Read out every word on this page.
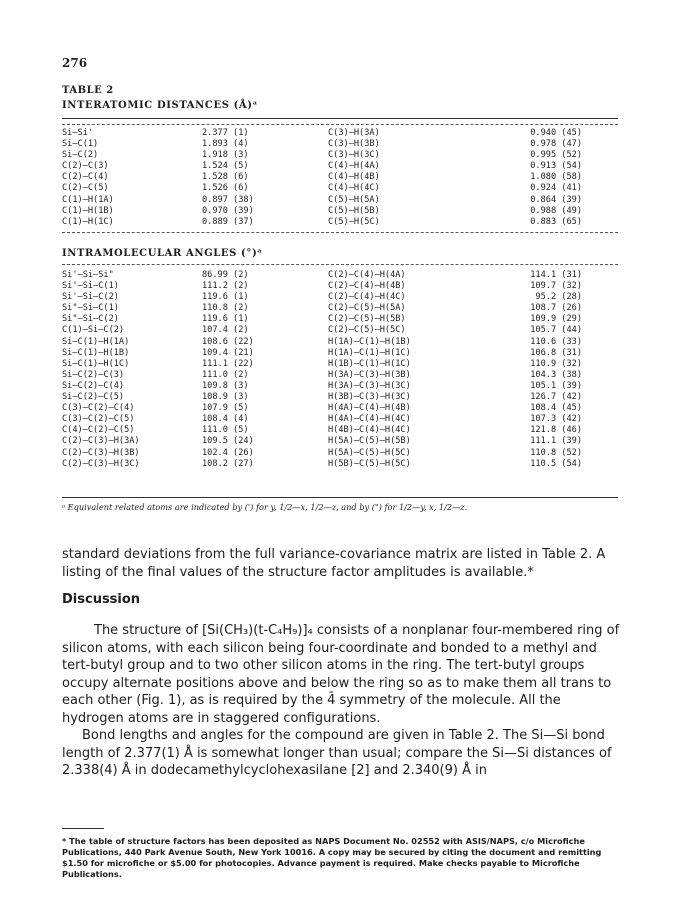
276
TABLE 2
INTERATOMIC DISTANCES (Å)ᵃ
Si—Si'	2.377 (1)	C(3)—H(3A)	0.940 (45)
Si—C(1)	1.893 (4)	C(3)—H(3B)	0.978 (47)
Si—C(2)	1.918 (3)	C(3)—H(3C)	0.995 (52)
C(2)—C(3)	1.524 (5)	C(4)—H(4A)	0.913 (54)
C(2)—C(4)	1.528 (6)	C(4)—H(4B)	1.080 (58)
C(2)—C(5)	1.526 (6)	C(4)—H(4C)	0.924 (41)
C(1)—H(1A)	0.897 (38)	C(5)—H(5A)	0.864 (39)
C(1)—H(1B)	0.970 (39)	C(5)—H(5B)	0.988 (49)
C(1)—H(1C)	0.889 (37)	C(5)—H(5C)	0.883 (65)
INTRAMOLECULAR ANGLES (°)ᵃ
Si'—Si—Si"	86.99 (2)	C(2)—C(4)—H(4A)	114.1 (31)
Si'—Si—C(1)	111.2 (2)	C(2)—C(4)—H(4B)	109.7 (32)
Si'—Si—C(2)	119.6 (1)	C(2)—C(4)—H(4C)	95.2 (28)
Si"—Si—C(1)	110.8 (2)	C(2)—C(5)—H(5A)	108.7 (26)
Si"—Si—C(2)	119.6 (1)	C(2)—C(5)—H(5B)	109.9 (29)
C(1)—Si—C(2)	107.4 (2)	C(2)—C(5)—H(5C)	105.7 (44)
Si—C(1)—H(1A)	108.6 (22)	H(1A)—C(1)—H(1B)	110.6 (33)
Si—C(1)—H(1B)	109.4 (21)	H(1A)—C(1)—H(1C)	106.8 (31)
Si—C(1)—H(1C)	111.1 (22)	H(1B)—C(1)—H(1C)	110.9 (32)
Si—C(2)—C(3)	111.0 (2)	H(3A)—C(3)—H(3B)	104.3 (38)
Si—C(2)—C(4)	109.8 (3)	H(3A)—C(3)—H(3C)	105.1 (39)
Si—C(2)—C(5)	108.9 (3)	H(3B)—C(3)—H(3C)	126.7 (42)
C(3)—C(2)—C(4)	107.9 (5)	H(4A)—C(4)—H(4B)	108.4 (45)
C(3)—C(2)—C(5)	108.4 (4)	H(4A)—C(4)—H(4C)	107.3 (42)
C(4)—C(2)—C(5)	111.0 (5)	H(4B)—C(4)—H(4C)	121.8 (46)
C(2)—C(3)—H(3A)	109.5 (24)	H(5A)—C(5)—H(5B)	111.1 (39)
C(2)—C(3)—H(3B)	102.4 (26)	H(5A)—C(5)—H(5C)	110.8 (52)
C(2)—C(3)—H(3C)	108.2 (27)	H(5B)—C(5)—H(5C)	110.5 (54)
ᵃ Equivalent related atoms are indicated by (') for y, 1/2—x, 1/2—z, and by (") for 1/2—y, x, 1/2—z.
standard deviations from the full variance-covariance matrix are listed in Table 2. A listing of the final values of the structure factor amplitudes is available.*
Discussion
The structure of [Si(CH₃)(t-C₄H₉)]₄ consists of a nonplanar four-membered ring of silicon atoms, with each silicon being four-coordinate and bonded to a methyl and tert-butyl group and to two other silicon atoms in the ring. The tert-butyl groups occupy alternate positions above and below the ring so as to make them all trans to each other (Fig. 1), as is required by the 4̄ symmetry of the molecule. All the hydrogen atoms are in staggered configurations.
Bond lengths and angles for the compound are given in Table 2. The Si—Si bond length of 2.377(1) Å is somewhat longer than usual; compare the Si—Si distances of 2.338(4) Å in dodecamethylcyclohexasilane [2] and 2.340(9) Å in
* The table of structure factors has been deposited as NAPS Document No. 02552 with ASIS/NAPS, c/o Microfiche Publications, 440 Park Avenue South, New York 10016. A copy may be secured by citing the document and remitting $1.50 for microfiche or $5.00 for photocopies. Advance payment is required. Make checks payable to Microfiche Publications.
